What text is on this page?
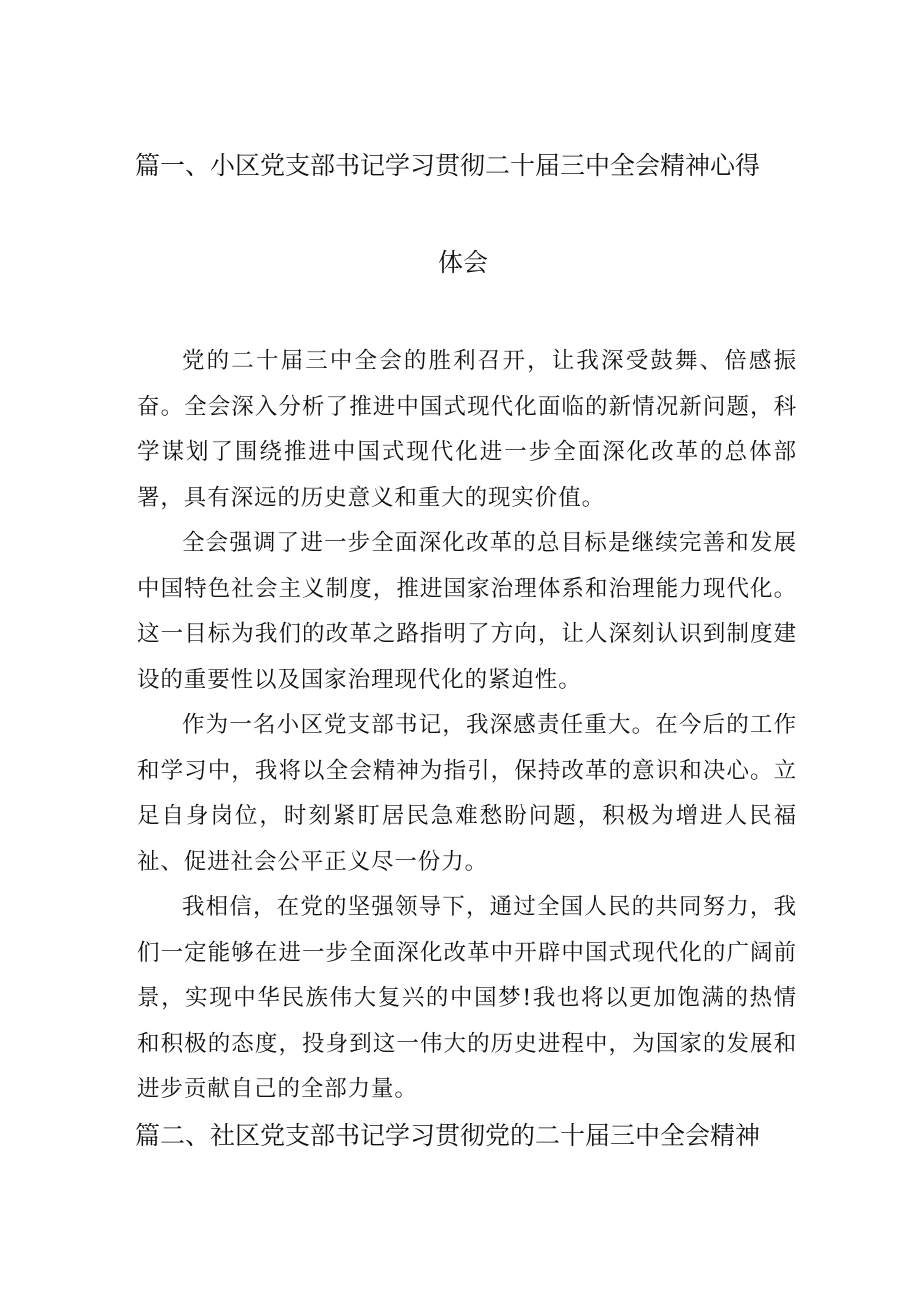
篇一、小区党支部书记学习贯彻二十届三中全会精神心得
体会

党的二十届三中全会的胜利召开，让我深受鼓舞、倍感振奋。全会深入分析了推进中国式现代化面临的新情况新问题，科学谋划了围绕推进中国式现代化进一步全面深化改革的总体部署，具有深远的历史意义和重大的现实价值。

全会强调了进一步全面深化改革的总目标是继续完善和发展中国特色社会主义制度，推进国家治理体系和治理能力现代化。这一目标为我们的改革之路指明了方向，让人深刻认识到制度建设的重要性以及国家治理现代化的紧迫性。

作为一名小区党支部书记，我深感责任重大。在今后的工作和学习中，我将以全会精神为指引，保持改革的意识和决心。立足自身岗位，时刻紧盯居民急难愁盼问题，积极为增进人民福祉、促进社会公平正义尽一份力。

我相信，在党的坚强领导下，通过全国人民的共同努力，我们一定能够在进一步全面深化改革中开辟中国式现代化的广阔前景，实现中华民族伟大复兴的中国梦!我也将以更加饱满的热情和积极的态度，投身到这一伟大的历史进程中，为国家的发展和进步贡献自己的全部力量。

篇二、社区党支部书记学习贯彻党的二十届三中全会精神
